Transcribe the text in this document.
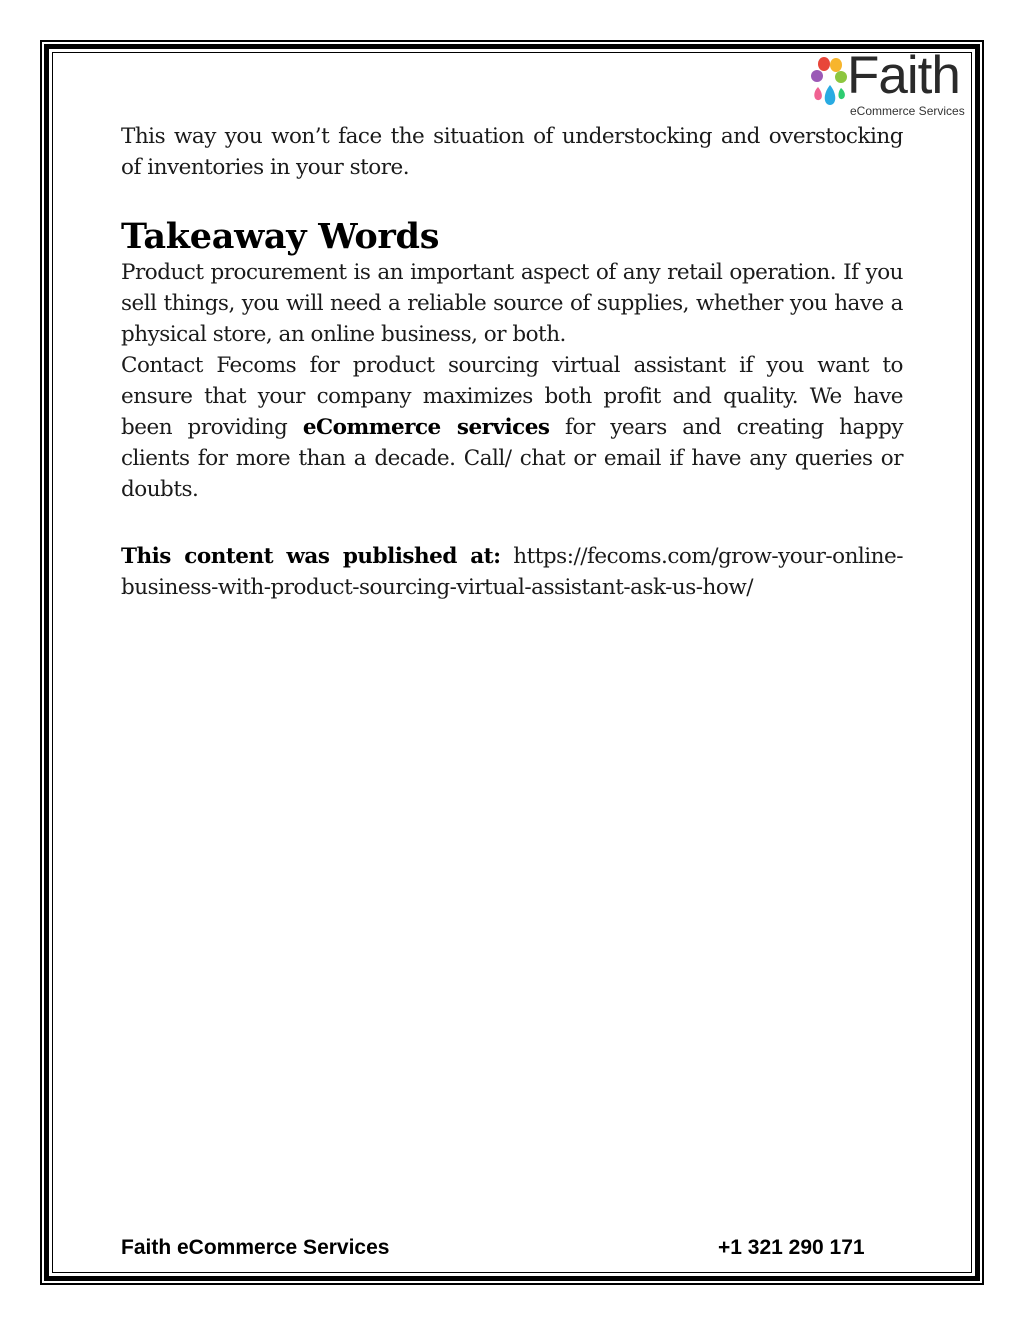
Faith
eCommerce Services

This way you won’t face the situation of understocking and overstocking of inventories in your store.

Takeaway Words

Product procurement is an important aspect of any retail operation. If you sell things, you will need a reliable source of supplies, whether you have a physical store, an online business, or both.

Contact Fecoms for product sourcing virtual assistant if you want to ensure that your company maximizes both profit and quality. We have been providing eCommerce services for years and creating happy clients for more than a decade. Call/ chat or email if have any queries or doubts.

This content was published at: https://fecoms.com/grow-your-online-business-with-product-sourcing-virtual-assistant-ask-us-how/

Faith eCommerce Services	+1 321 290 171
